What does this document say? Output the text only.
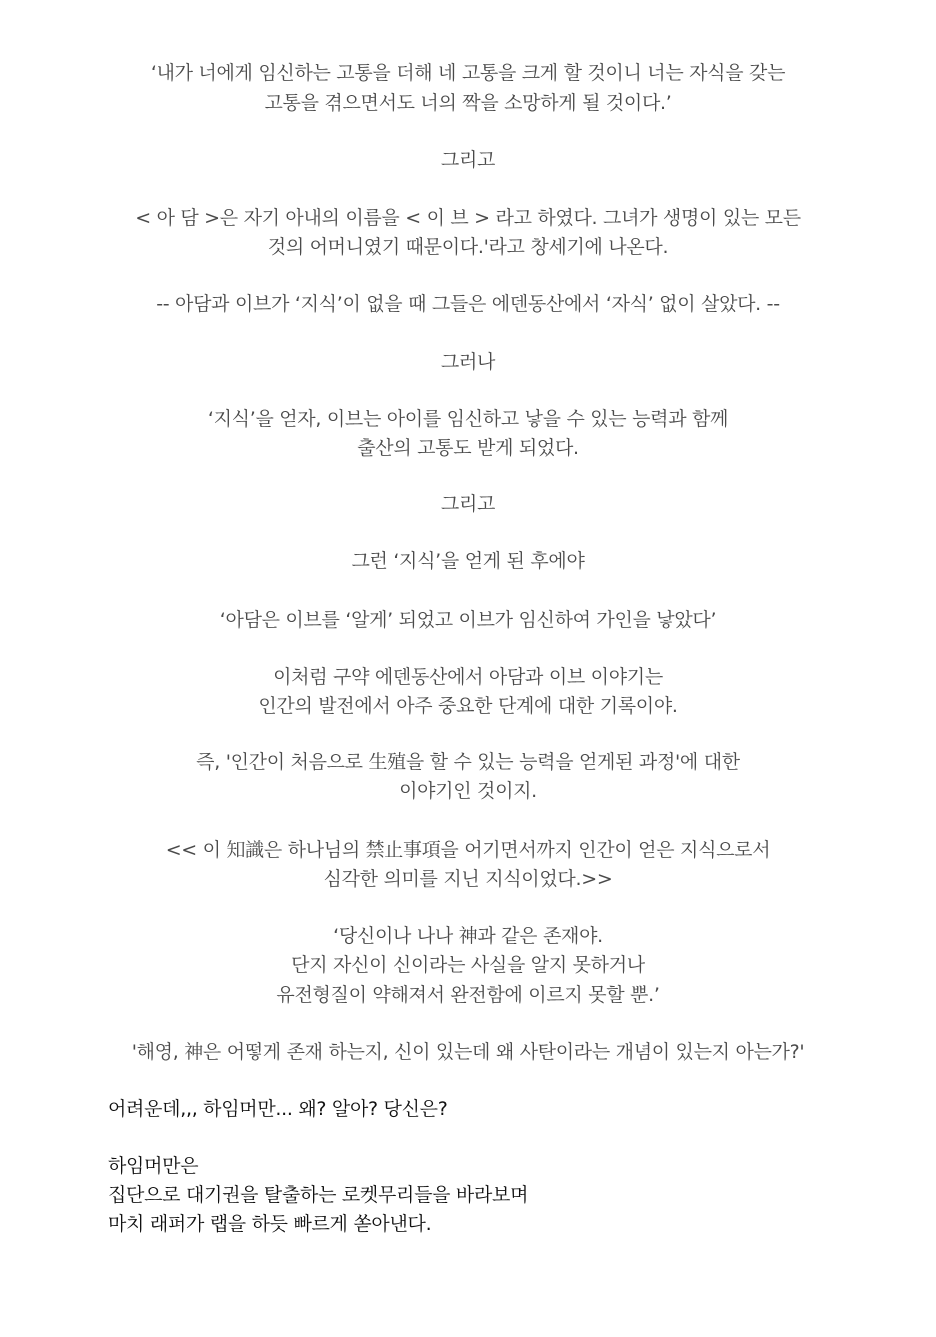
‘내가 너에게 임신하는 고통을 더해 네 고통을 크게 할 것이니 너는 자식을 갖는
고통을 겪으면서도 너의 짝을 소망하게 될 것이다.’
그리고
< 아 담 >은 자기 아내의 이름을 < 이 브 > 라고 하였다. 그녀가 생명이 있는 모든
것의 어머니였기 때문이다.'라고 창세기에 나온다.
-- 아담과 이브가 ‘지식’이 없을 때 그들은 에덴동산에서 ‘자식’ 없이 살았다. --
그러나
‘지식’을 얻자, 이브는 아이를 임신하고 낳을 수 있는 능력과 함께
출산의 고통도 받게 되었다.
그리고
그런 ‘지식’을 얻게 된 후에야
‘아담은 이브를 ‘알게’ 되었고 이브가 임신하여 가인을 낳았다’
이처럼 구약 에덴동산에서 아담과 이브 이야기는
인간의 발전에서 아주 중요한 단계에 대한 기록이야.
즉, '인간이 처음으로 生殖을 할 수 있는 능력을 얻게된 과정'에 대한
이야기인 것이지.
<< 이 知識은 하나님의 禁止事項을 어기면서까지 인간이 얻은 지식으로서
심각한 의미를 지닌 지식이었다.>>
‘당신이나 나나 神과 같은 존재야.
단지 자신이 신이라는 사실을 알지 못하거나
유전형질이 약해져서 완전함에 이르지 못할 뿐.’
'해영, 神은 어떻게 존재 하는지, 신이 있는데 왜 사탄이라는 개념이 있는지 아는가?'
어려운데,,, 하임머만... 왜? 알아? 당신은?
하임머만은
집단으로 대기권을 탈출하는 로켓무리들을 바라보며
마치 래퍼가 랩을 하듯 빠르게 쏟아낸다.
